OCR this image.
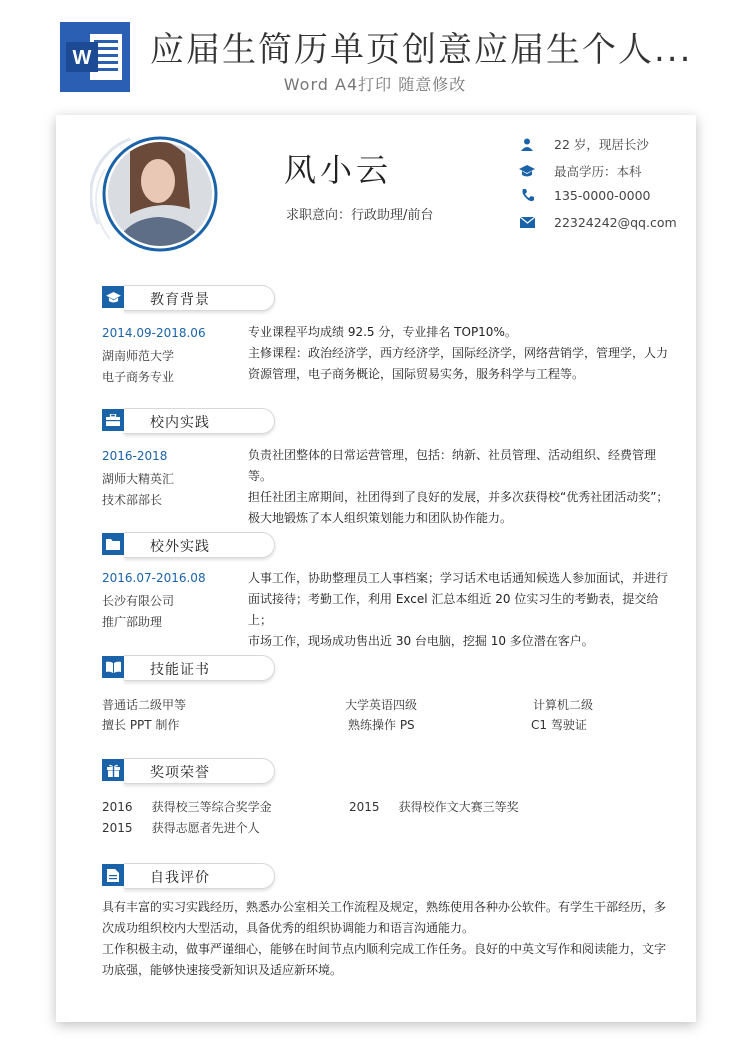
W 应届生简历单页创意应届生个人...
Word A4打印 随意修改
风小云
求职意向：行政助理/前台
22 岁，现居长沙
最高学历：本科
135-0000-0000
22324242@qq.com
教育背景
2014.09-2018.06
湖南师范大学
电子商务专业
专业课程平均成绩 92.5 分，专业排名 TOP10%。
主修课程：政治经济学，西方经济学，国际经济学，网络营销学，管理学，人力
资源管理，电子商务概论，国际贸易实务，服务科学与工程等。
校内实践
2016-2018
湖师大精英汇
技术部部长
负责社团整体的日常运营管理，包括：纳新、社员管理、活动组织、经费管理等。
担任社团主席期间，社团得到了良好的发展，并多次获得校“优秀社团活动奖”；
极大地锻炼了本人组织策划能力和团队协作能力。
校外实践
2016.07-2016.08
长沙有限公司
推广部助理
人事工作，协助整理员工人事档案；学习话术电话通知候选人参加面试，并进行
面试接待；考勤工作，利用 Excel 汇总本组近 20 位实习生的考勤表，提交给上；
市场工作，现场成功售出近 30 台电脑，挖掘 10 多位潜在客户。
技能证书
普通话二级甲等	大学英语四级	计算机二级
擅长 PPT 制作	熟练操作 PS	C1 驾驶证
奖项荣誉
2016 获得校三等综合奖学金	2015 获得校作文大赛三等奖
2015 获得志愿者先进个人
自我评价
具有丰富的实习实践经历，熟悉办公室相关工作流程及规定，熟练使用各种办公软件。有学生干部经历，多
次成功组织校内大型活动，具备优秀的组织协调能力和语言沟通能力。
工作积极主动，做事严谨细心，能够在时间节点内顺利完成工作任务。良好的中英文写作和阅读能力，文字
功底强，能够快速接受新知识及适应新环境。
